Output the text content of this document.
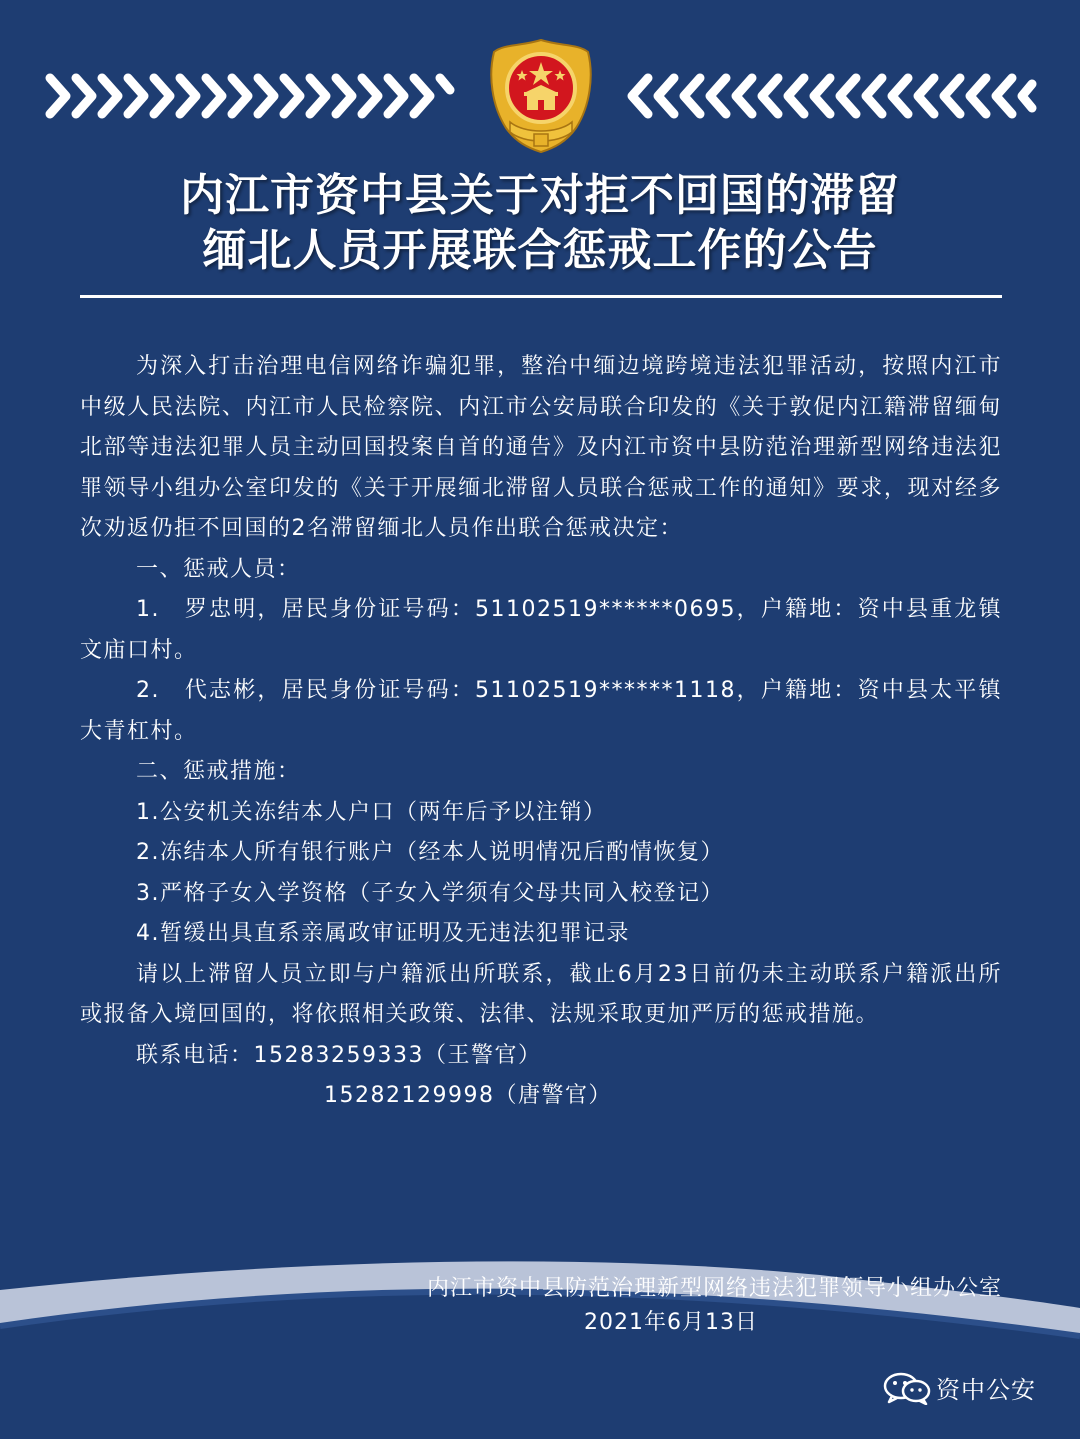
内江市资中县关于对拒不回国的滞留
缅北人员开展联合惩戒工作的公告

为深入打击治理电信网络诈骗犯罪，整治中缅边境跨境违法犯罪活动，按照内江市中级人民法院、内江市人民检察院、内江市公安局联合印发的《关于敦促内江籍滞留缅甸北部等违法犯罪人员主动回国投案自首的通告》及内江市资中县防范治理新型网络违法犯罪领导小组办公室印发的《关于开展缅北滞留人员联合惩戒工作的通知》要求，现对经多次劝返仍拒不回国的2名滞留缅北人员作出联合惩戒决定：

一、惩戒人员：

1.　罗忠明，居民身份证号码：51102519******0695，户籍地：资中县重龙镇文庙口村。

2.　代志彬，居民身份证号码：51102519******1118，户籍地：资中县太平镇大青杠村。

二、惩戒措施：

1.公安机关冻结本人户口（两年后予以注销）

2.冻结本人所有银行账户（经本人说明情况后酌情恢复）

3.严格子女入学资格（子女入学须有父母共同入校登记）

4.暂缓出具直系亲属政审证明及无违法犯罪记录

请以上滞留人员立即与户籍派出所联系，截止6月23日前仍未主动联系户籍派出所或报备入境回国的，将依照相关政策、法律、法规采取更加严厉的惩戒措施。

联系电话：15283259333（王警官）

15282129998（唐警官）

内江市资中县防范治理新型网络违法犯罪领导小组办公室
2021年6月13日
资中公安
